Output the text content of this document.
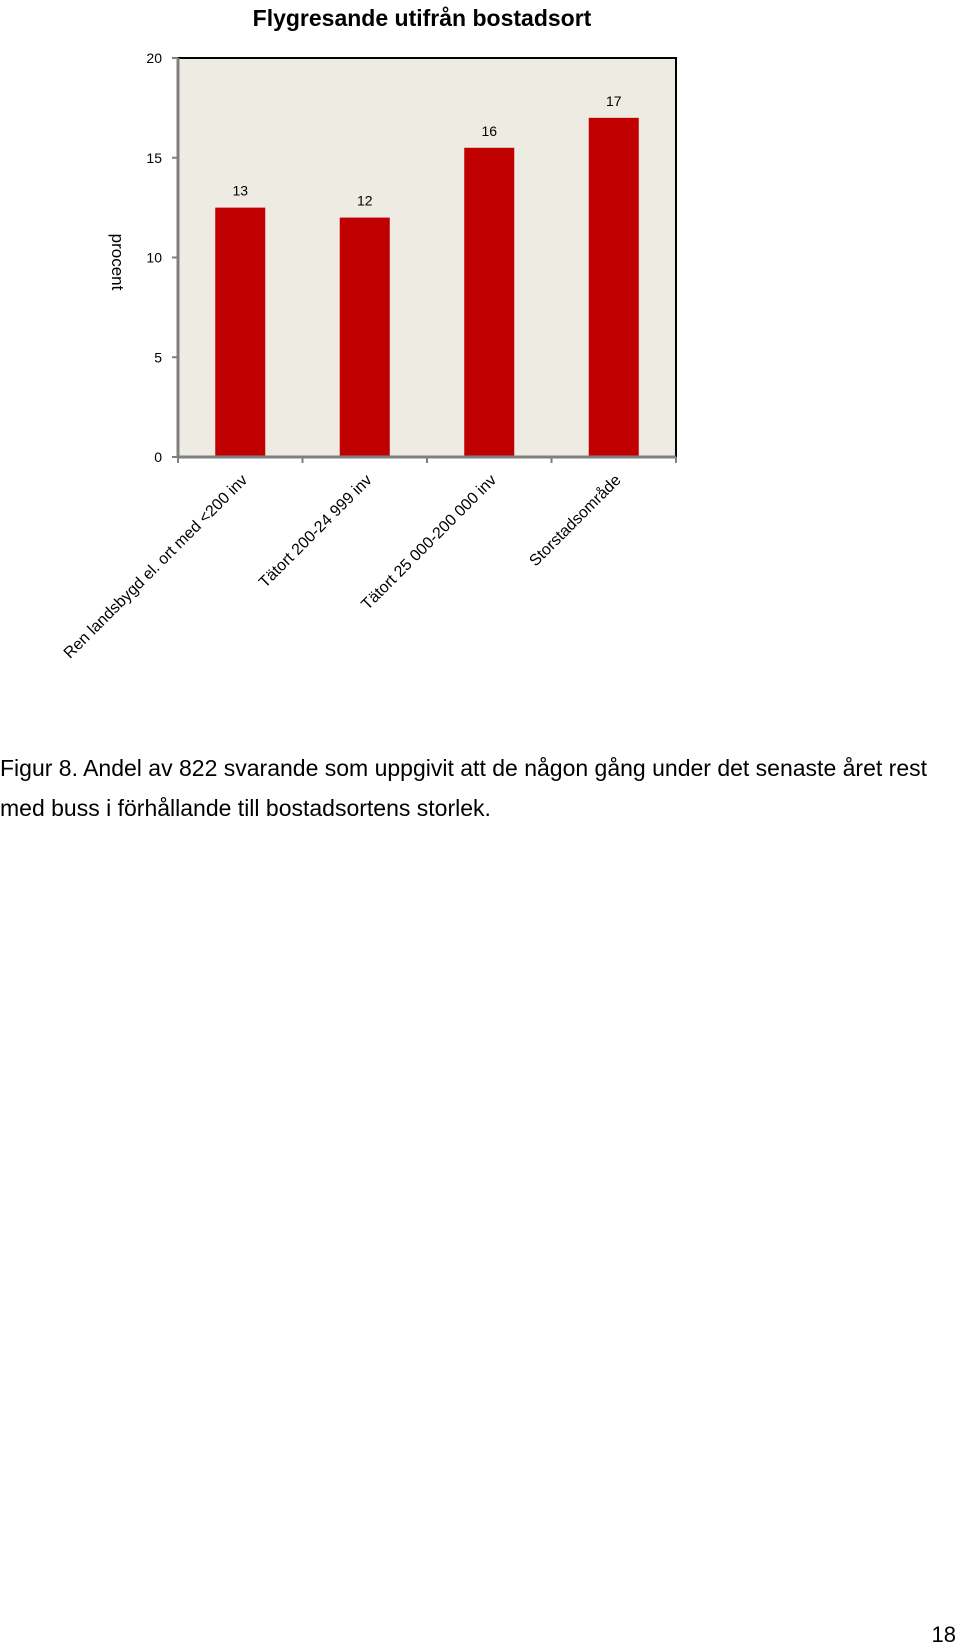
Flygresande utifrån bostadsort
procent
0
5
10
15
20
13
12
16
17
Ren landsbygd el. ort med <200 inv Tätort 200-24 999 inv
Tätort 25 000-200 000 inv Storstadsområde
Figur 8. Andel av 822 svarande som uppgivit att de någon gång under det senaste året rest med buss i förhållande till bostadsortens storlek.
18
